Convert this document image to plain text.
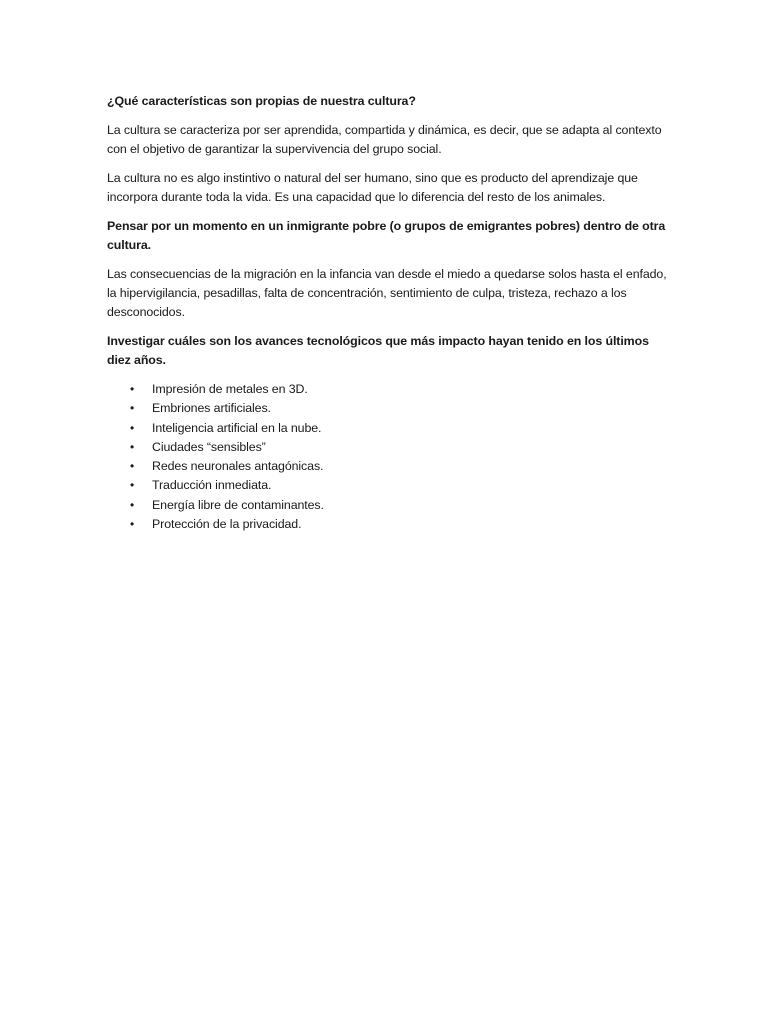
¿Qué características son propias de nuestra cultura?

La cultura se caracteriza por ser aprendida, compartida y dinámica, es decir, que se adapta al contexto con el objetivo de garantizar la supervivencia del grupo social.

La cultura no es algo instintivo o natural del ser humano, sino que es producto del aprendizaje que incorpora durante toda la vida. Es una capacidad que lo diferencia del resto de los animales.

Pensar por un momento en un inmigrante pobre (o grupos de emigrantes pobres) dentro de otra cultura.

Las consecuencias de la migración en la infancia van desde el miedo a quedarse solos hasta el enfado, la hipervigilancia, pesadillas, falta de concentración, sentimiento de culpa, tristeza, rechazo a los desconocidos.

Investigar cuáles son los avances tecnológicos que más impacto hayan tenido en los últimos diez años.

• Impresión de metales en 3D.
• Embriones artificiales.
• Inteligencia artificial en la nube.
• Ciudades “sensibles”
• Redes neuronales antagónicas.
• Traducción inmediata.
• Energía libre de contaminantes.
• Protección de la privacidad.
